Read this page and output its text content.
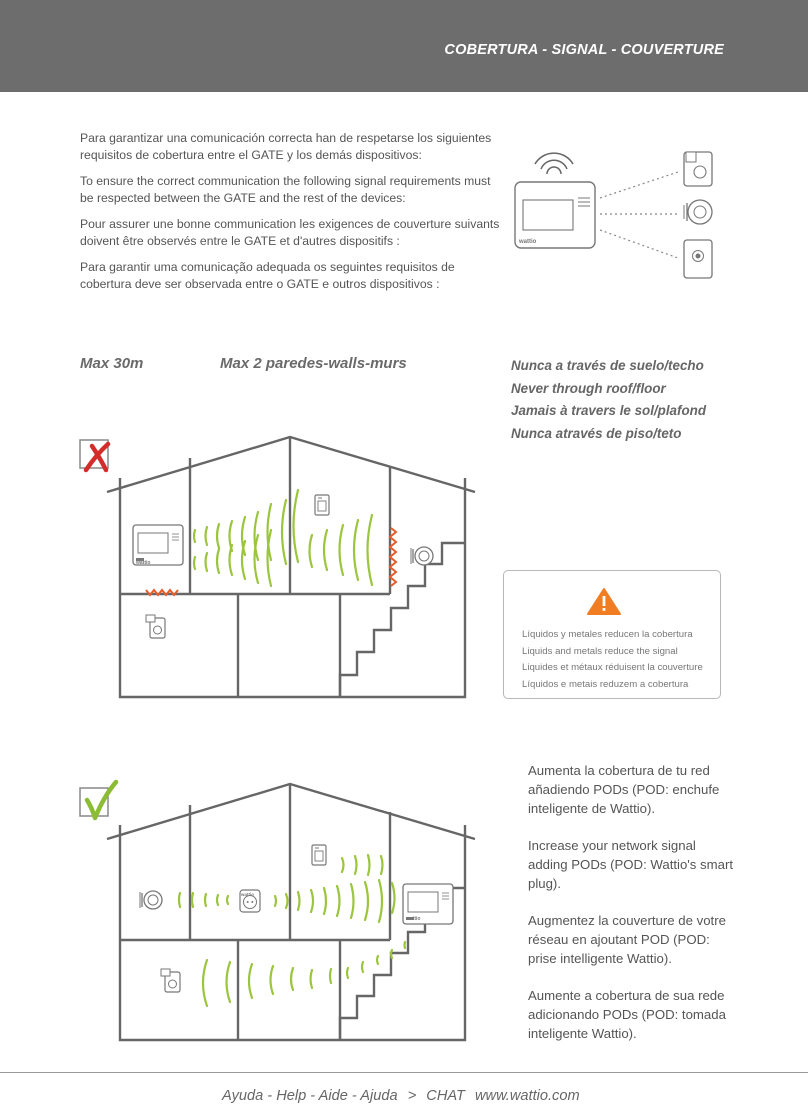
COBERTURA - SIGNAL - COUVERTURE

Para garantizar una comunicación correcta han de respetarse los siguientes requisitos de cobertura entre el GATE y los demás dispositivos:

To ensure the correct communication the following signal requirements must be respected between the GATE and the rest of the devices:

Pour assurer une bonne communication les exigences de couverture suivants doivent être observés entre le GATE et d'autres dispositifs :

Para garantir uma comunicação adequada os seguintes requisitos de cobertura deve ser observada entre o GATE e outros dispositivos :

Max 30m	Max 2 paredes-walls-murs	Nunca a través de suelo/techo
Never through roof/floor
Jamais à travers le sol/plafond
Nunca através de piso/teto
wattio
wattio
wattio
wattio
Líquidos y metales reducen la cobertura
Liquids and metals reduce the signal
Liquides et métaux réduisent la couverture
Líquidos e metais reduzem a cobertura

Aumenta la cobertura de tu red añadiendo PODs (POD: enchufe inteligente de Wattio).

Increase your network signal adding PODs (POD: Wattio's smart plug).

Augmentez la couverture de votre réseau en ajoutant POD (POD: prise intelligente Wattio).

Aumente a cobertura de sua rede adicionando PODs (POD: tomada inteligente Wattio).

Ayuda - Help - Aide - Ajuda > CHAT www.wattio.com
